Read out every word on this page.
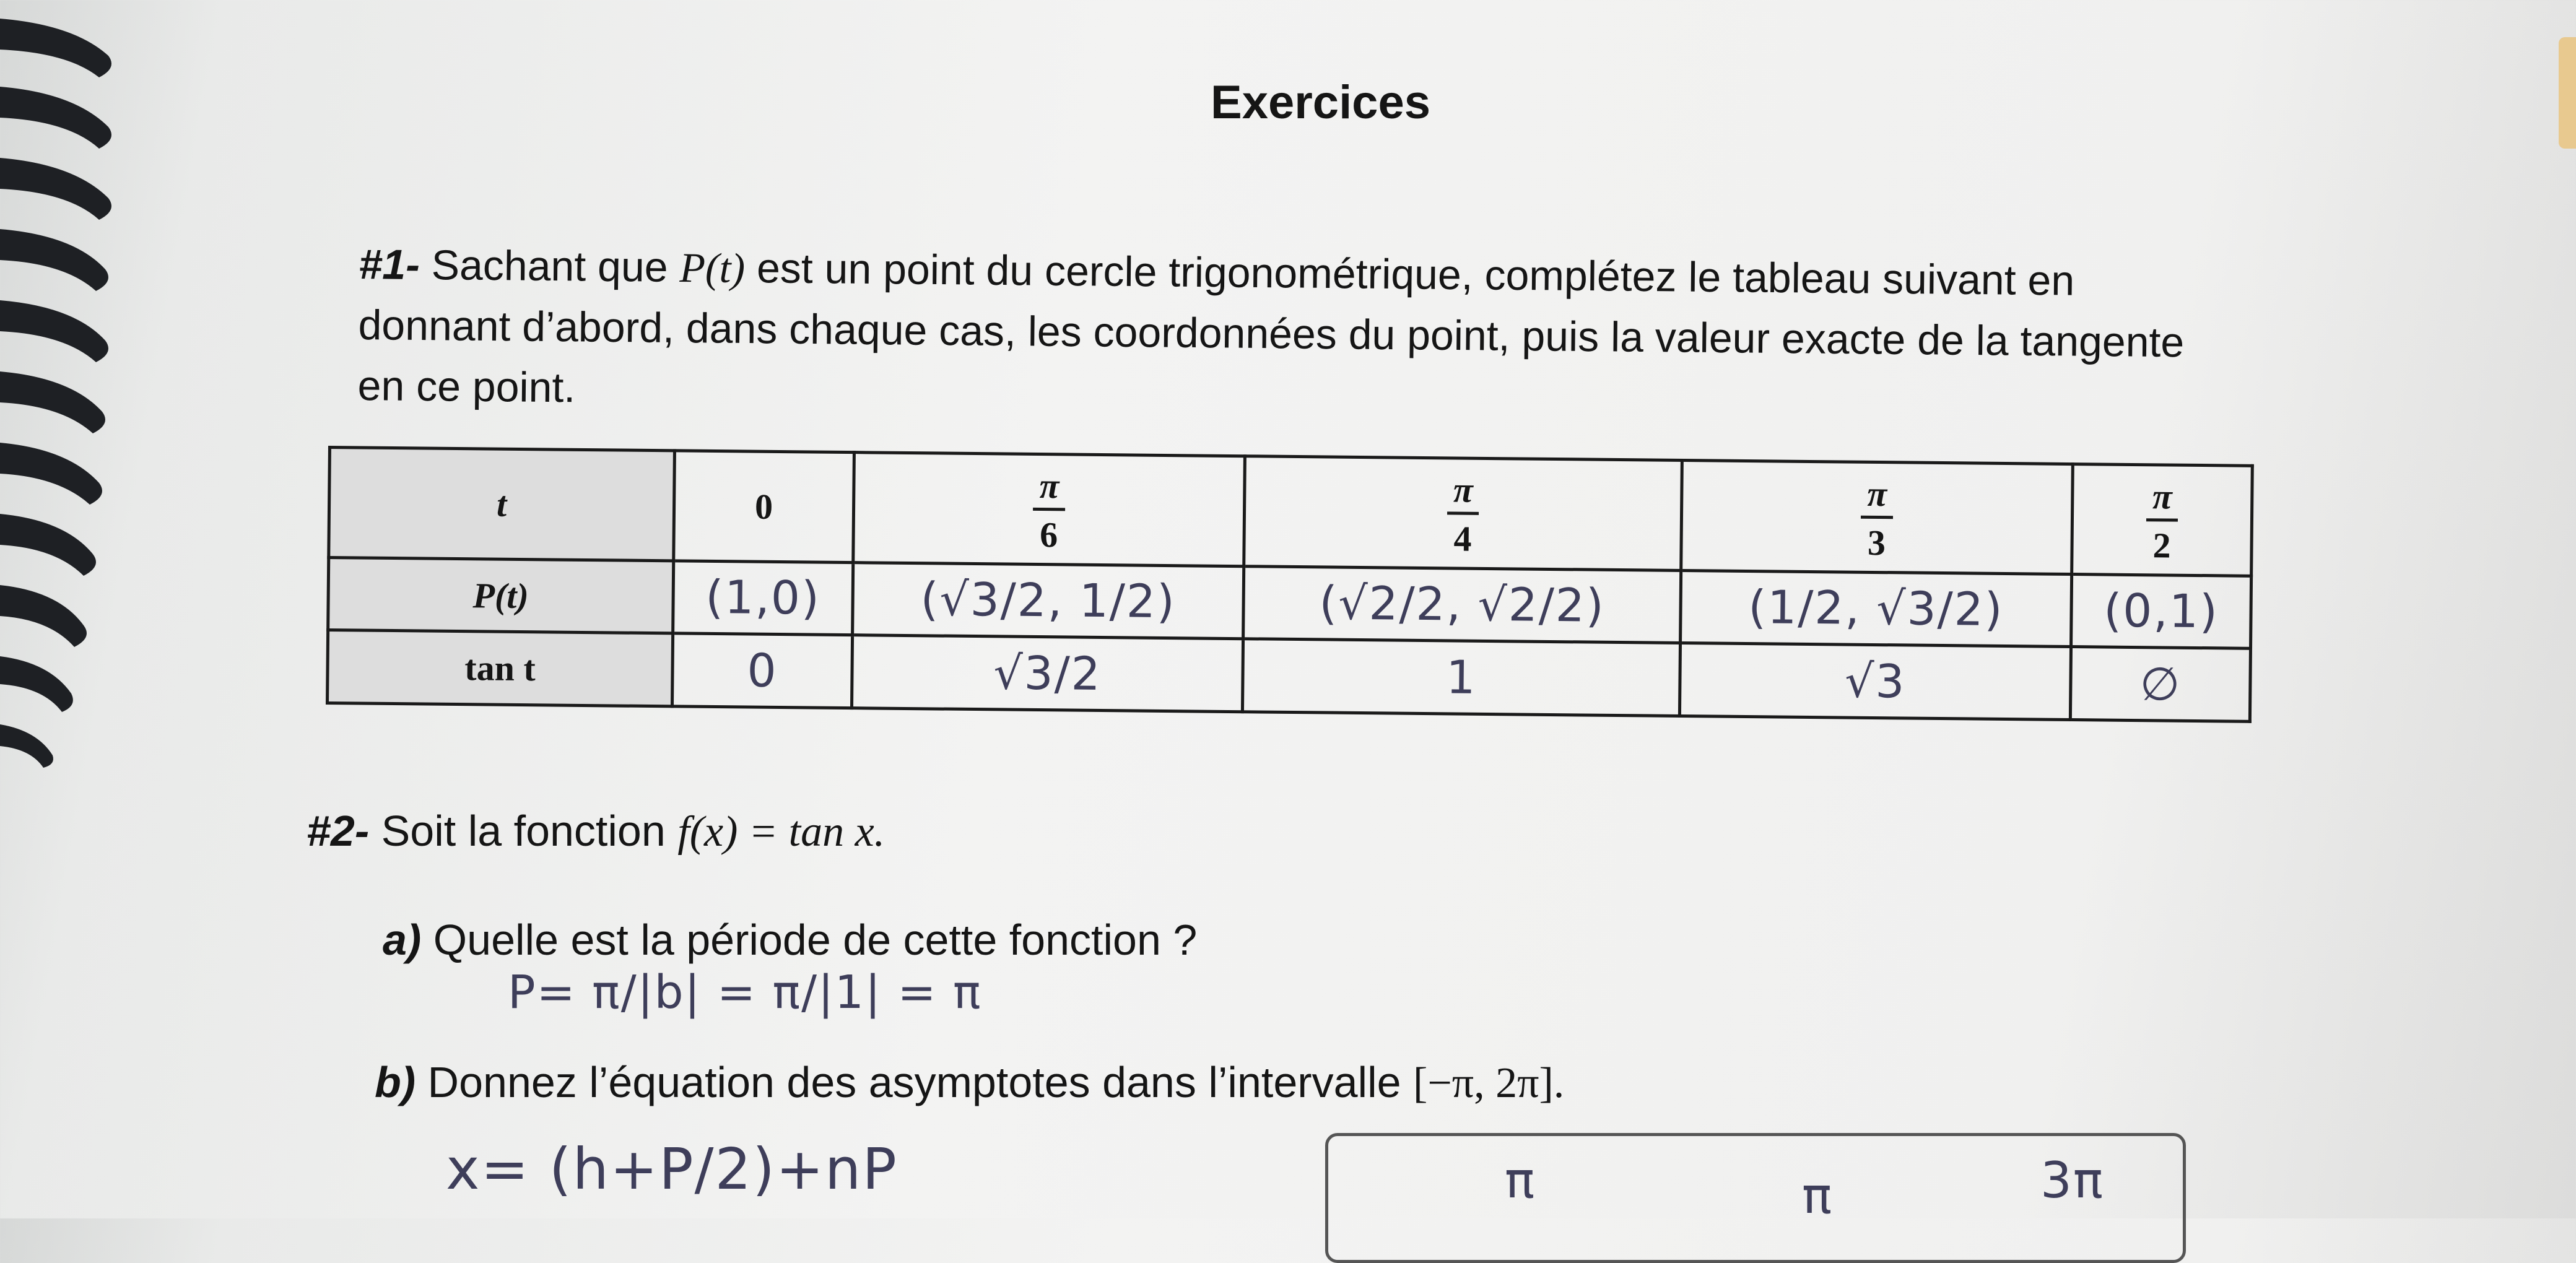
Exercices
#1- Sachant que P(t) est un point du cercle trigonométrique, complétez le tableau suivant en donnant d’abord, dans chaque cas, les coordonnées du point, puis la valeur exacte de la tangente en ce point.
t	0	$\frac{\pi}{6}$	$\frac{\pi}{4}$	$\frac{\pi}{3}$	$\frac{\pi}{2}$

P(t)	(1,0)	(√3/2, 1/2)	(√2/2, √2/2)	(1/2, √3/2)	(0,1)
tan t	0	√3/2	1	√3	∅
#2- Soit la fonction f(x) = tan x.
a) Quelle est la période de cette fonction ?
P= π/|b| = π/|1| = π
b) Donnez l’équation des asymptotes dans l’intervalle [−π, 2π].
x= (h+P/2)+nP	π	π	3π
